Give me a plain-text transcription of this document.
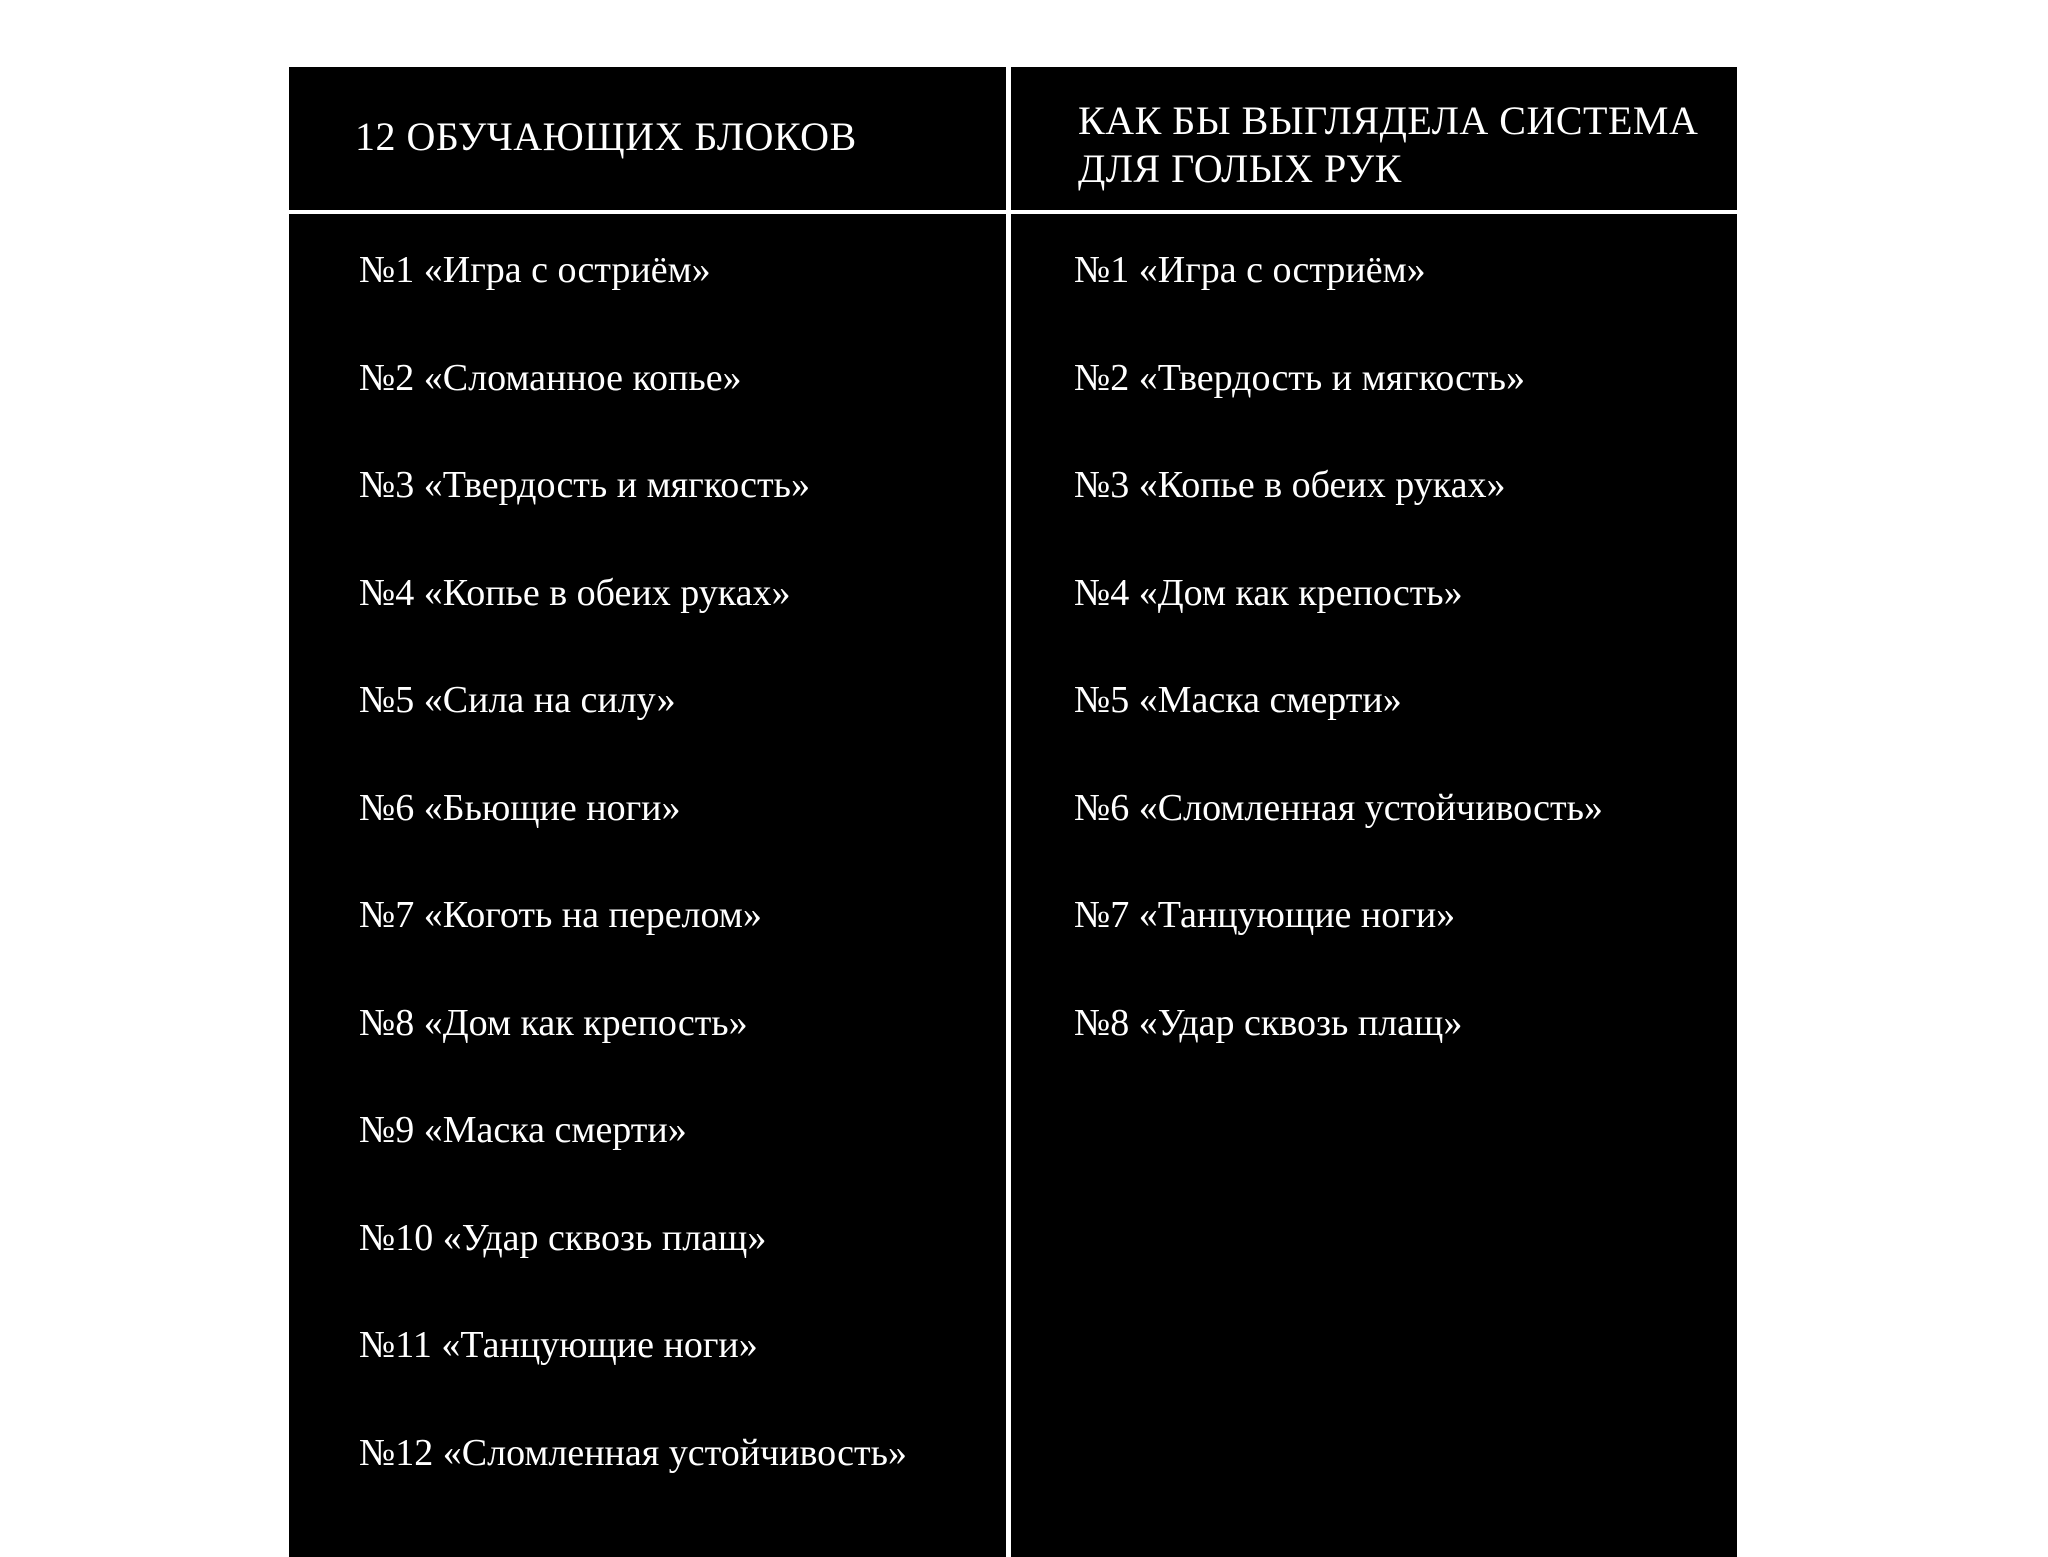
12 ОБУЧАЮЩИХ БЛОКОВ	КАК БЫ ВЫГЛЯДЕЛА СИСТЕМА
ДЛЯ ГОЛЫХ РУК
№1 «Игра с остриём»
№2 «Сломанное копье»
№3 «Твердость и мягкость»
№4 «Копье в обеих руках»
№5 «Сила на силу»
№6 «Бьющие ноги»
№7 «Коготь на перелом»
№8 «Дом как крепость»
№9 «Маска смерти»
№10 «Удар сквозь плащ»
№11 «Танцующие ноги»
№12 «Сломленная устойчивость»
№1 «Игра с остриём»
№2 «Твердость и мягкость»
№3 «Копье в обеих руках»
№4 «Дом как крепость»
№5 «Маска смерти»
№6 «Сломленная устойчивость»
№7 «Танцующие ноги»
№8 «Удар сквозь плащ»
